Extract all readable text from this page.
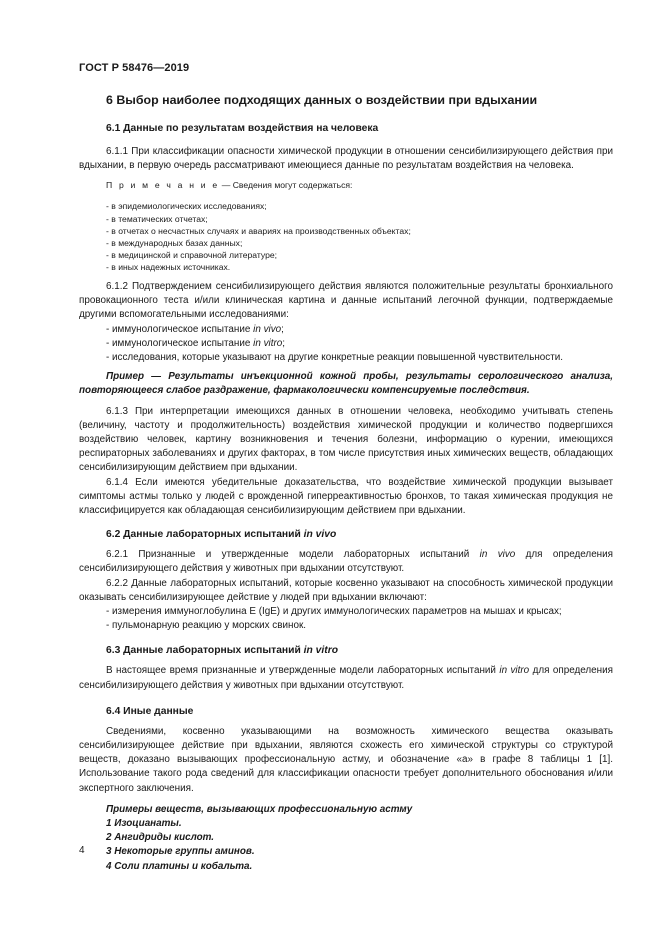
ГОСТ Р 58476—2019
6 Выбор наиболее подходящих данных о воздействии при вдыхании
6.1 Данные по результатам воздействия на человека

6.1.1 При классификации опасности химической продукции в отношении сенсибилизирующего действия при вдыхании, в первую очередь рассматривают имеющиеся данные по результатам воздействия на человека.

П р и м е ч а н и е — Сведения могут содержаться:
- в эпидемиологических исследованиях;
- в тематических отчетах;
- в отчетах о несчастных случаях и авариях на производственных объектах;
- в международных базах данных;
- в медицинской и справочной литературе;
- в иных надежных источниках.

6.1.2 Подтверждением сенсибилизирующего действия являются положительные результаты бронхиального провокационного теста и/или клиническая картина и данные испытаний легочной функции, подтверждаемые другими вспомогательными исследованиями:

- иммунологическое испытание in vivo;
- иммунологическое испытание in vitro;
- исследования, которые указывают на другие конкретные реакции повышенной чувствительности.
Пример — Результаты инъекционной кожной пробы, результаты серологического анализа, повторяющееся слабое раздражение, фармакологически компенсируемые последствия.

6.1.3 При интерпретации имеющихся данных в отношении человека, необходимо учитывать степень (величину, частоту и продолжительность) воздействия химической продукции и количество подвергшихся воздействию человек, картину возникновения и течения болезни, информацию о курении, имеющихся респираторных заболеваниях и других факторах, в том числе присутствия иных химических веществ, обладающих сенсибилизирующим действием при вдыхании.

6.1.4 Если имеются убедительные доказательства, что воздействие химической продукции вызывает симптомы астмы только у людей с врожденной гиперреактивностью бронхов, то такая химическая продукция не классифицируется как обладающая сенсибилизирующим действием при вдыхании.

6.2 Данные лабораторных испытаний in vivo

6.2.1 Признанные и утвержденные модели лабораторных испытаний in vivo для определения сенсибилизирующего действия у животных при вдыхании отсутствуют.

6.2.2 Данные лабораторных испытаний, которые косвенно указывают на способность химической продукции оказывать сенсибилизирующее действие у людей при вдыхании включают:

- измерения иммуноглобулина E (IgE) и других иммунологических параметров на мышах и крысах;
- пульмонарную реакцию у морских свинок.
6.3 Данные лабораторных испытаний in vitro

В настоящее время признанные и утвержденные модели лабораторных испытаний in vitro для определения сенсибилизирующего действия у животных при вдыхании отсутствуют.

6.4 Иные данные

Сведениями, косвенно указывающими на возможность химического вещества оказывать сенсибилизирующее действие при вдыхании, являются схожесть его химической структуры со структурой веществ, доказано вызывающих профессиональную астму, и обозначение «а» в графе 8 таблицы 1 [1]. Использование такого рода сведений для классификации опасности требует дополнительного обоснования и/или экспертного заключения.

Примеры веществ, вызывающих профессиональную астму
1 Изоцианаты.
2 Ангидриды кислот.
3 Некоторые группы аминов.
4 Соли платины и кобальта.
4
